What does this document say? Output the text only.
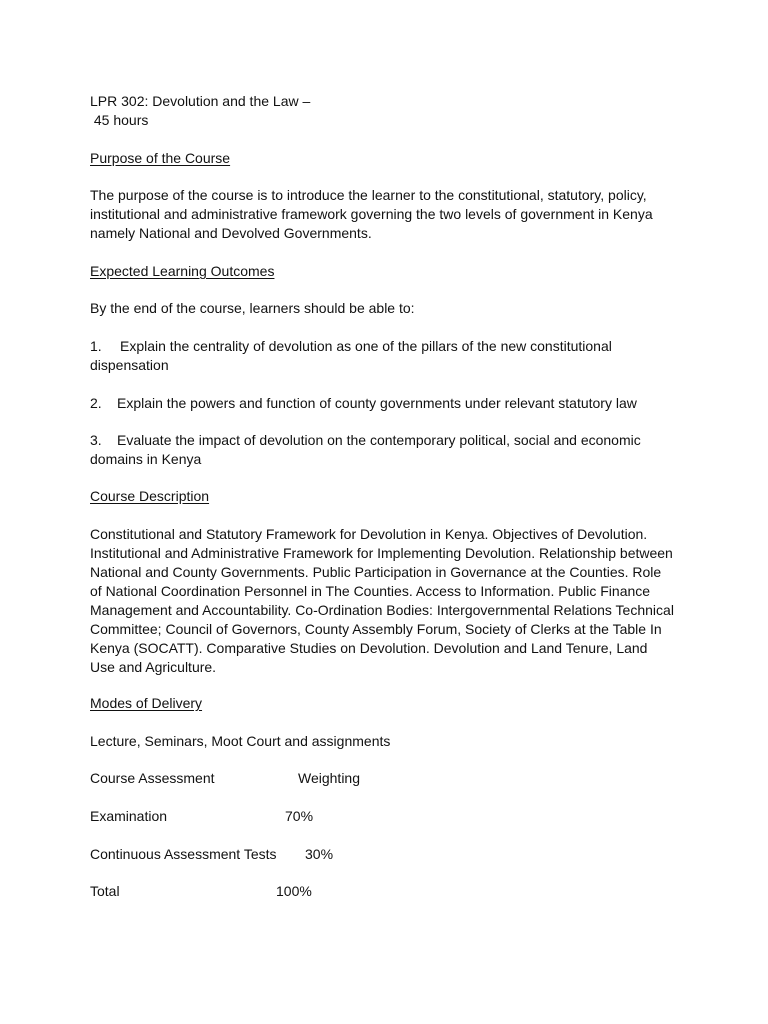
LPR 302: Devolution and the Law –
45 hours
Purpose of the Course
The purpose of the course is to introduce the learner to the constitutional, statutory, policy, institutional and administrative framework governing the two levels of government in Kenya namely National and Devolved Governments.
Expected Learning Outcomes
By the end of the course, learners should be able to:
1. Explain the centrality of devolution as one of the pillars of the new constitutional dispensation
2. Explain the powers and function of county governments under relevant statutory law
3. Evaluate the impact of devolution on the contemporary political, social and economic domains in Kenya
Course Description
Constitutional and Statutory Framework for Devolution in Kenya. Objectives of Devolution. Institutional and Administrative Framework for Implementing Devolution. Relationship between National and County Governments. Public Participation in Governance at the Counties. Role of National Coordination Personnel in The Counties. Access to Information. Public Finance Management and Accountability. Co-Ordination Bodies: Intergovernmental Relations Technical Committee; Council of Governors, County Assembly Forum, Society of Clerks at the Table In Kenya (SOCATT). Comparative Studies on Devolution. Devolution and Land Tenure, Land Use and Agriculture.
Modes of Delivery
Lecture, Seminars, Moot Court and assignments
Course Assessment	Weighting
Examination	70%
Continuous Assessment Tests 30%
Total	100%
